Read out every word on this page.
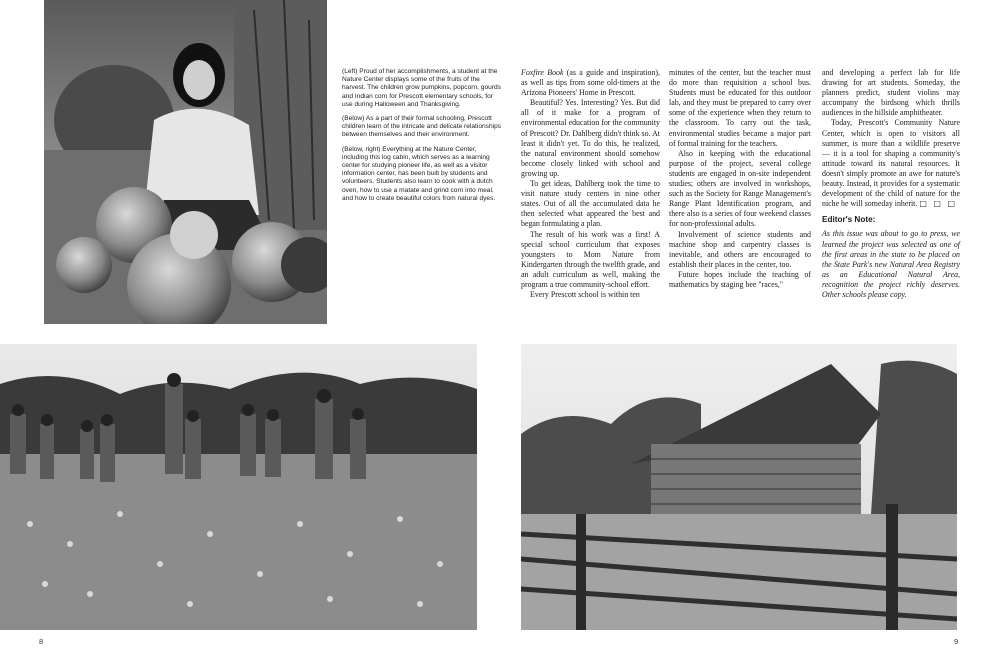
(Left) Proud of her accomplishments, a student at the Nature Center displays some of the fruits of the harvest. The children grow pumpkins, popcorn, gourds and Indian corn for Prescott elementary schools, for use during Halloween and Thanksgiving.

(Below) As a part of their formal schooling, Prescott children learn of the intricate and delicate relationships between themselves and their environment.

(Below, right) Everything at the Nature Center, including this log cabin, which serves as a learning center for studying pioneer life, as well as a visitor information center, has been built by students and volunteers. Students also learn to cook with a dutch oven, how to use a matate and grind corn into meal, and how to create beautiful colors from natural dyes.

Foxfire Book (as a guide and inspiration), as well as tips from some old-timers at the Arizona Pioneers' Home in Prescott.

Beautiful? Yes. Interesting? Yes. But did all of it make for a program of environmental education for the community of Prescott? Dr. Dahlberg didn't think so. At least it didn't yet. To do this, he realized, the natural environment should somehow become closely linked with school and growing up.

To get ideas, Dahlberg took the time to visit nature study centers in nine other states. Out of all the accumulated data he then selected what appeared the best and began formulating a plan.

The result of his work was a first! A special school curriculum that exposes youngsters to Mom Nature from Kindergarten through the twelfth grade, and an adult curriculum as well, making the program a true community-school effort.

Every Prescott school is within ten

minutes of the center, but the teacher must do more than requisition a school bus. Students must be educated for this outdoor lab, and they must be prepared to carry over some of the experience when they return to the classroom. To carry out the task, environmental studies became a major part of formal training for the teachers.

Also in keeping with the educational purpose of the project, several college students are engaged in on-site independent studies; others are involved in workshops, such as the Society for Range Management's Range Plant Identification program, and there also is a series of four weekend classes for non-professional adults.

Involvement of science students and machine shop and carpentry classes is inevitable, and others are encouraged to establish their places in the center, too.

Future hopes include the teaching of mathematics by staging bee "races,"

and developing a perfect lab for life drawing for art students. Someday, the planners predict, student violins may accompany the birdsong which thrills audiences in the hillside amphitheater.

Today, Prescott's Community Nature Center, which is open to visitors all summer, is more than a wildlife preserve — it is a tool for shaping a community's attitude toward its natural resources. It doesn't simply promote an awe for nature's beauty. Instead, it provides for a systematic development of the child of nature for the niche he will someday inherit. □ □ □

Editor's Note:

As this issue was about to go to press, we learned the project was selected as one of the first areas in the state to be placed on the State Park's new Natural Area Registry as an Educational Natural Area, recognition the project richly deserves. Other schools please copy.

8	9
